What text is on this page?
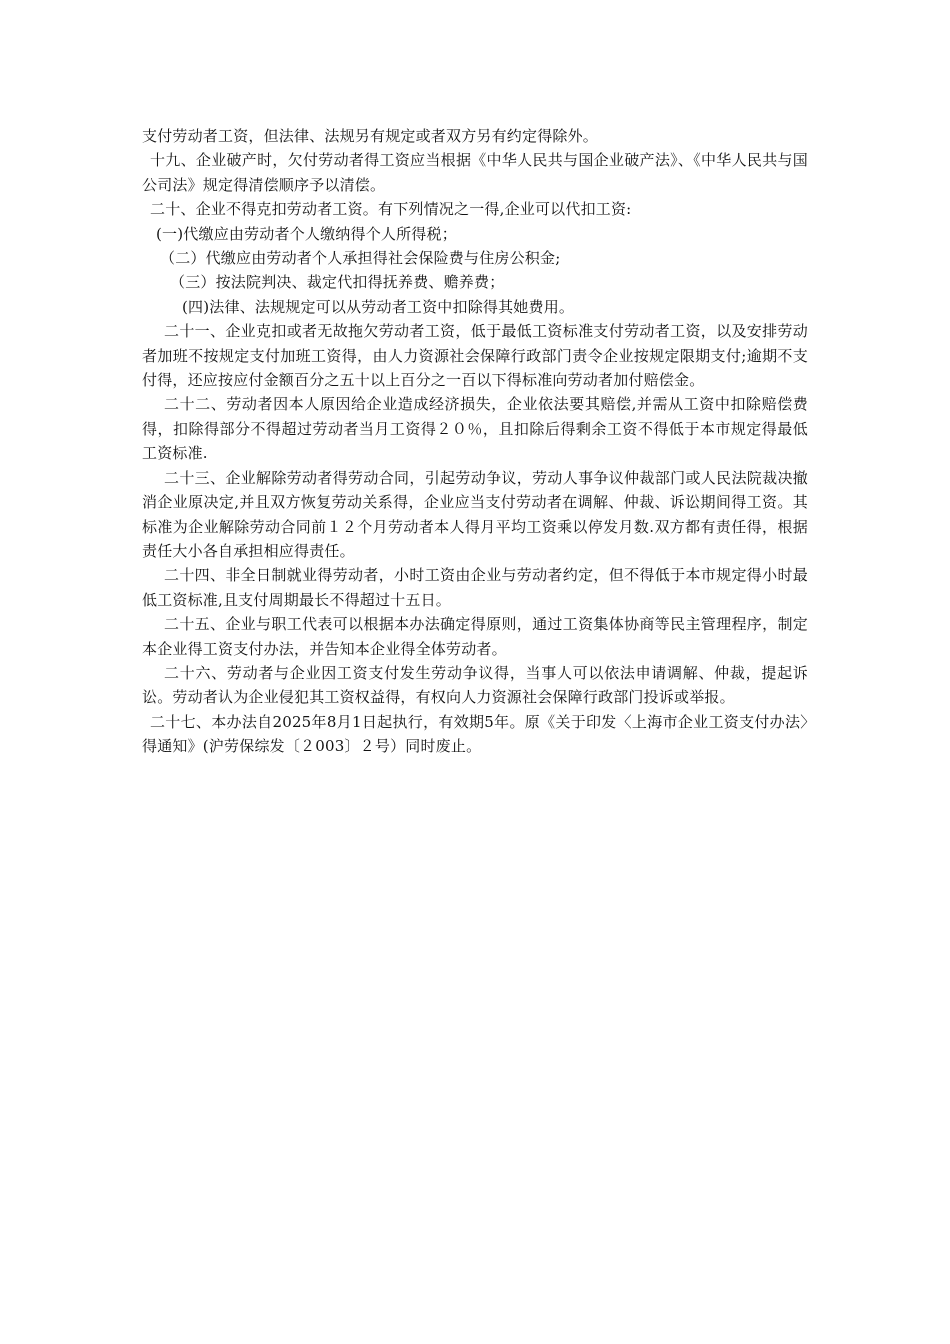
支付劳动者工资，但法律、法规另有规定或者双方另有约定得除外。

十九、企业破产时，欠付劳动者得工资应当根据《中华人民共与国企业破产法》、《中华人民共与国公司法》规定得清偿顺序予以清偿。

二十、企业不得克扣劳动者工资。有下列情况之一得,企业可以代扣工资:

(一)代缴应由劳动者个人缴纳得个人所得税；

（二）代缴应由劳动者个人承担得社会保险费与住房公积金;

（三）按法院判决、裁定代扣得抚养费、赡养费；

(四)法律、法规规定可以从劳动者工资中扣除得其她费用。

二十一、企业克扣或者无故拖欠劳动者工资，低于最低工资标准支付劳动者工资，以及安排劳动者加班不按规定支付加班工资得，由人力资源社会保障行政部门责令企业按规定限期支付;逾期不支付得，还应按应付金额百分之五十以上百分之一百以下得标准向劳动者加付赔偿金。

二十二、劳动者因本人原因给企业造成经济损失，企业依法要其赔偿,并需从工资中扣除赔偿费得，扣除得部分不得超过劳动者当月工资得２０％，且扣除后得剩余工资不得低于本市规定得最低工资标准.

二十三、企业解除劳动者得劳动合同，引起劳动争议，劳动人事争议仲裁部门或人民法院裁决撤消企业原决定,并且双方恢复劳动关系得，企业应当支付劳动者在调解、仲裁、诉讼期间得工资。其标准为企业解除劳动合同前１２个月劳动者本人得月平均工资乘以停发月数.双方都有责任得，根据责任大小各自承担相应得责任。

二十四、非全日制就业得劳动者，小时工资由企业与劳动者约定，但不得低于本市规定得小时最低工资标准,且支付周期最长不得超过十五日。

二十五、企业与职工代表可以根据本办法确定得原则，通过工资集体协商等民主管理程序，制定本企业得工资支付办法，并告知本企业得全体劳动者。

二十六、劳动者与企业因工资支付发生劳动争议得，当事人可以依法申请调解、仲裁，提起诉讼。劳动者认为企业侵犯其工资权益得，有权向人力资源社会保障行政部门投诉或举报。

二十七、本办法自2025年8月1日起执行，有效期5年。原《关于印发〈上海市企业工资支付办法〉得通知》(沪劳保综发〔２003〕２号）同时废止。
